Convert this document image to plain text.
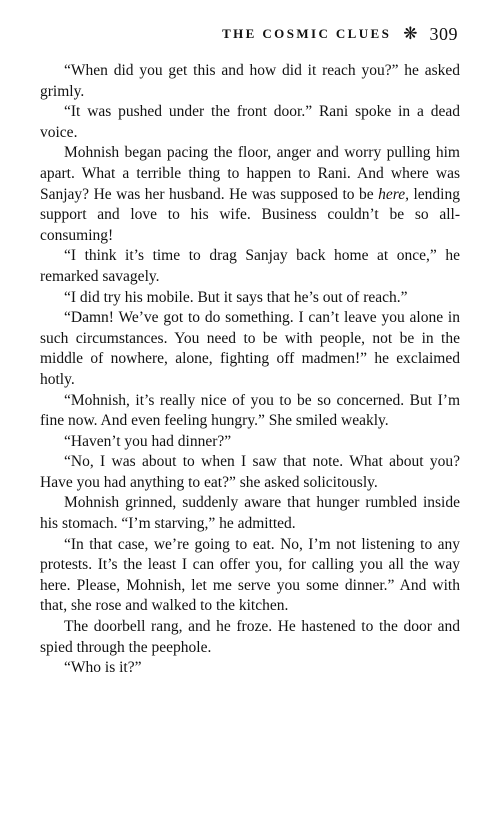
THE COSMIC CLUES ❋ 309

“When did you get this and how did it reach you?” he asked grimly.

“It was pushed under the front door.” Rani spoke in a dead voice.

Mohnish began pacing the floor, anger and worry pulling him apart. What a terrible thing to happen to Rani. And where was Sanjay? He was her husband. He was supposed to be here, lending support and love to his wife. Business couldn’t be so all-consuming!

“I think it’s time to drag Sanjay back home at once,” he remarked savagely.

“I did try his mobile. But it says that he’s out of reach.”

“Damn! We’ve got to do something. I can’t leave you alone in such circumstances. You need to be with people, not be in the middle of nowhere, alone, fighting off madmen!” he exclaimed hotly.

“Mohnish, it’s really nice of you to be so concerned. But I’m fine now. And even feeling hungry.” She smiled weakly.

“Haven’t you had dinner?”

“No, I was about to when I saw that note. What about you? Have you had anything to eat?” she asked solicitously.

Mohnish grinned, suddenly aware that hunger rumbled inside his stomach. “I’m starving,” he admitted.

“In that case, we’re going to eat. No, I’m not listening to any protests. It’s the least I can offer you, for calling you all the way here. Please, Mohnish, let me serve you some dinner.” And with that, she rose and walked to the kitchen.

The doorbell rang, and he froze. He hastened to the door and spied through the peephole.

“Who is it?”
